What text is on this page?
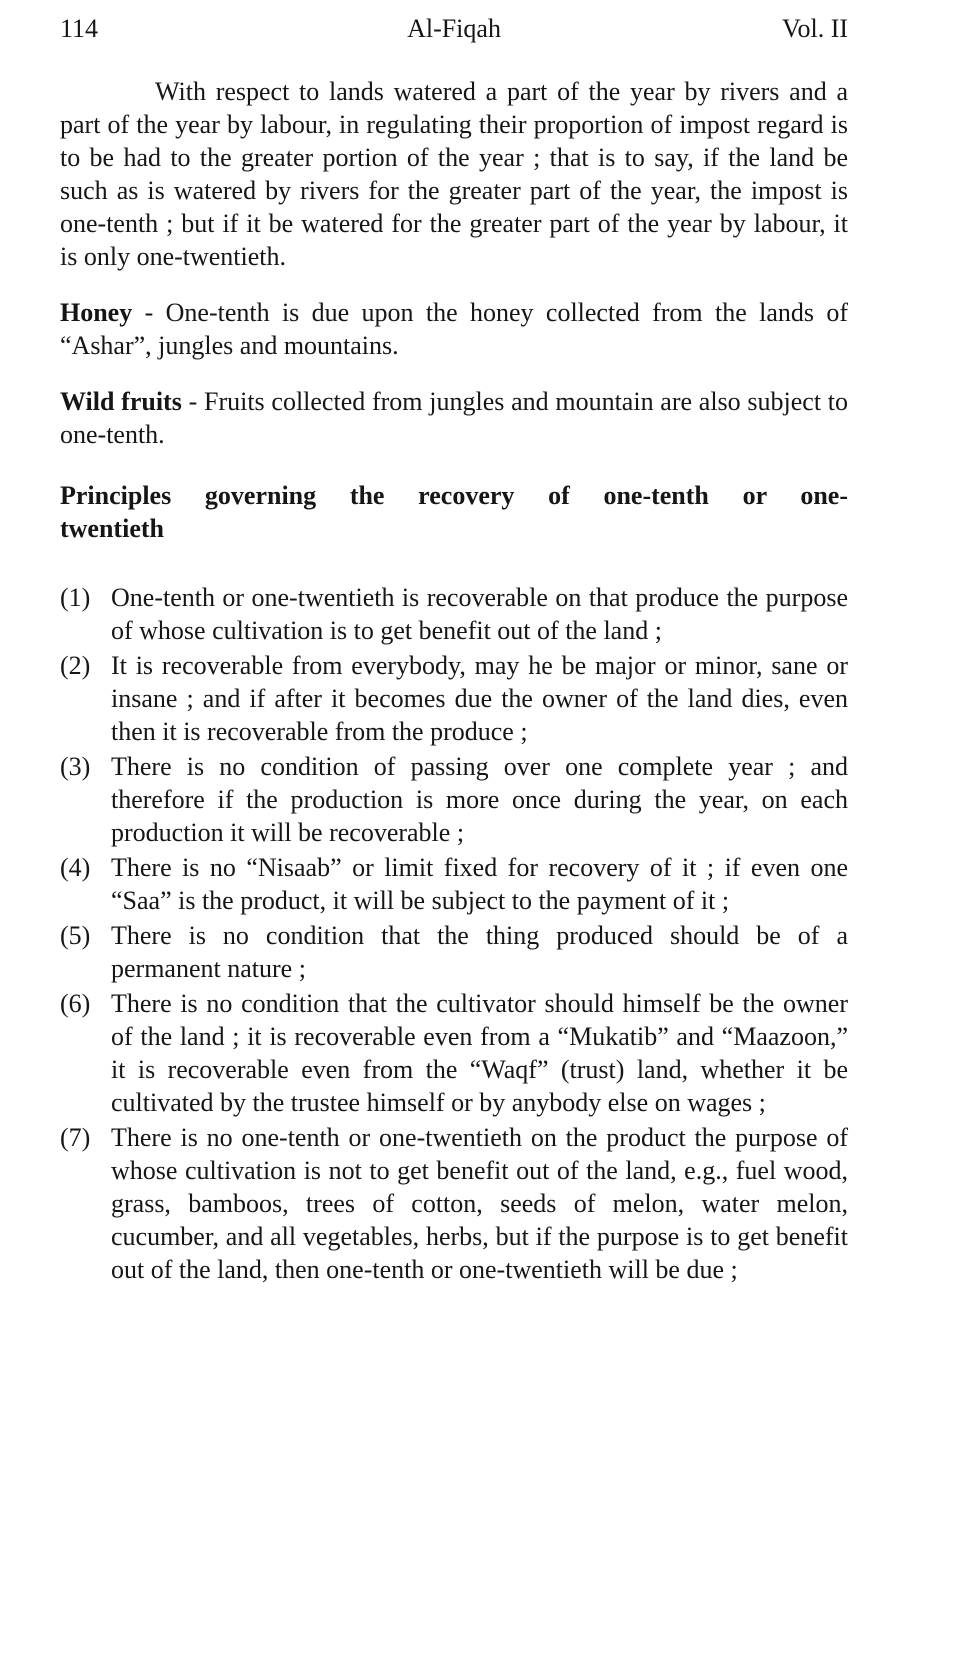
114	Al-Fiqah	Vol. II

With respect to lands watered a part of the year by rivers and a part of the year by labour, in regulating their proportion of impost regard is to be had to the greater portion of the year ; that is to say, if the land be such as is watered by rivers for the greater part of the year, the impost is one-tenth ; but if it be watered for the greater part of the year by labour, it is only one-twentieth.

Honey - One-tenth is due upon the honey collected from the lands of “Ashar”, jungles and mountains.

Wild fruits - Fruits collected from jungles and mountain are also subject to one-tenth.

Principles governing the recovery of one-tenth or one-
twentieth
(1) One-tenth or one-twentieth is recoverable on that produce the purpose of whose cultivation is to get benefit out of the land ;
(2) It is recoverable from everybody, may he be major or minor, sane or insane ; and if after it becomes due the owner of the land dies, even then it is recoverable from the produce ;
(3) There is no condition of passing over one complete year ; and therefore if the production is more once during the year, on each production it will be recoverable ;
(4) There is no “Nisaab” or limit fixed for recovery of it ; if even one “Saa” is the product, it will be subject to the payment of it ;
(5) There is no condition that the thing produced should be of a permanent nature ;
(6) There is no condition that the cultivator should himself be the owner of the land ; it is recoverable even from a “Mukatib” and “Maazoon,” it is recoverable even from the “Waqf” (trust) land, whether it be cultivated by the trustee himself or by anybody else on wages ;
(7) There is no one-tenth or one-twentieth on the product the purpose of whose cultivation is not to get benefit out of the land, e.g., fuel wood, grass, bamboos, trees of cotton, seeds of melon, water melon, cucumber, and all vegetables, herbs, but if the purpose is to get benefit out of the land, then one-tenth or one-twentieth will be due ;
